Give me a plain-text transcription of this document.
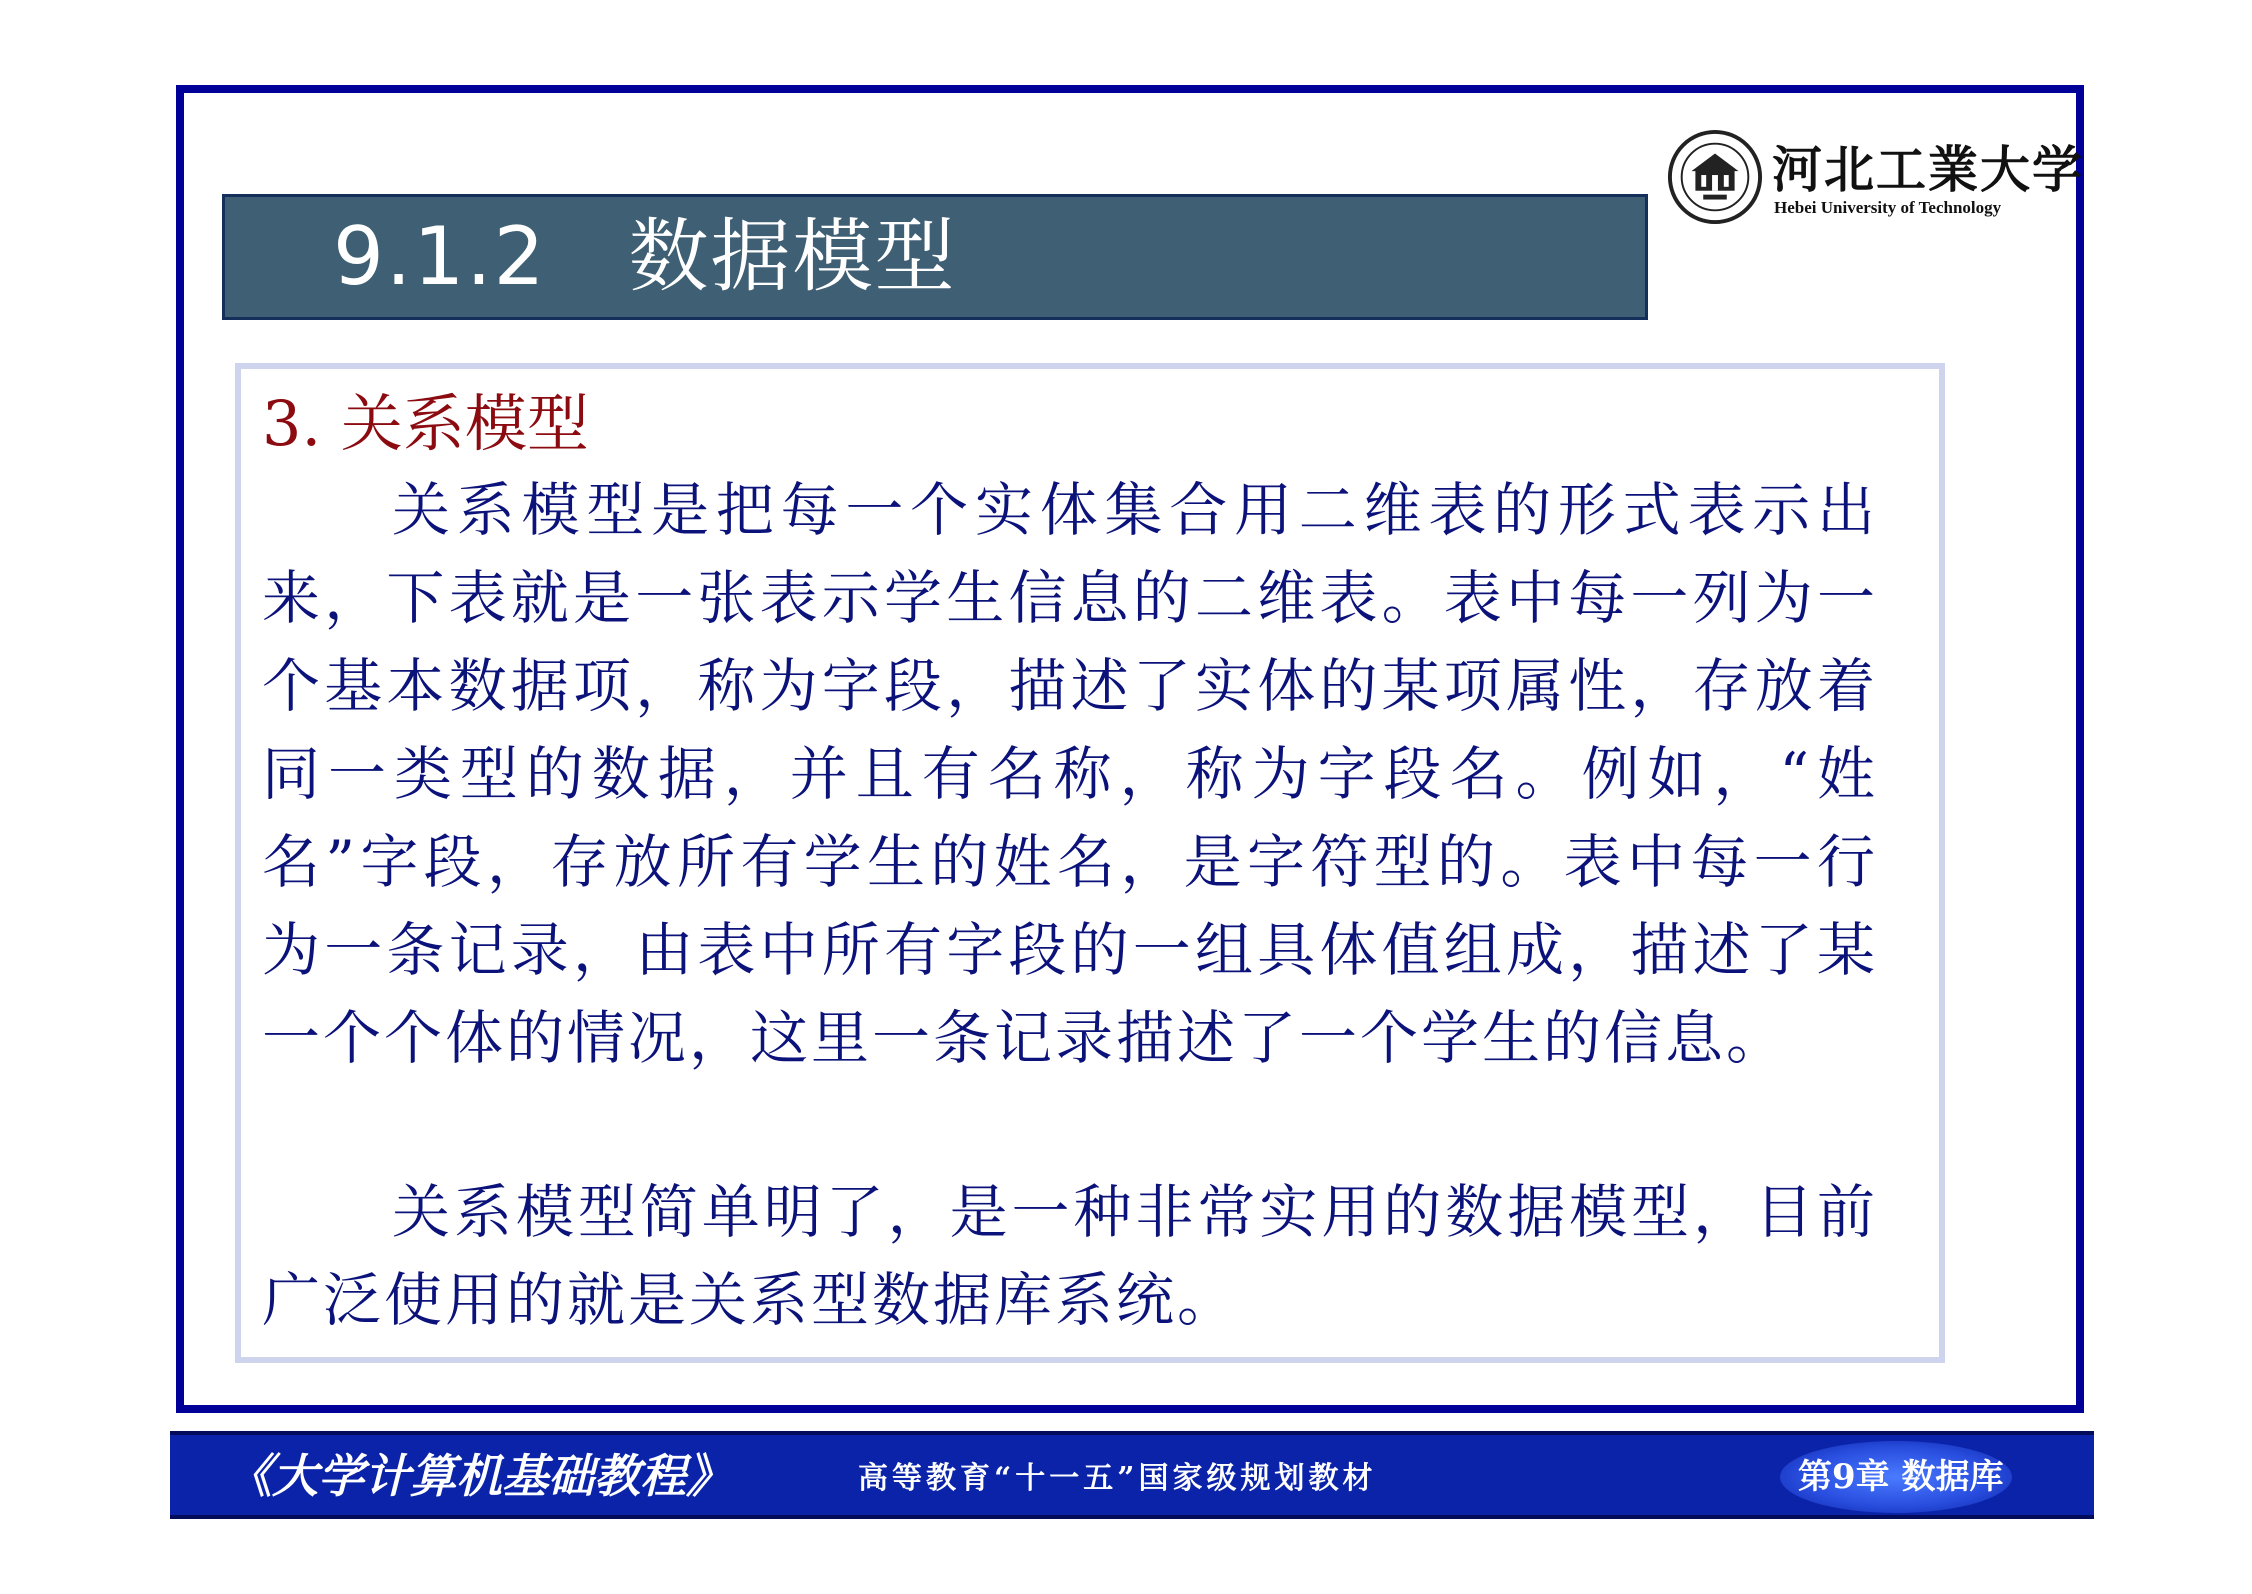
9.1.2　数据模型
河北工業大学
Hebei University of Technology
3. 关系模型

关系模型是把每一个实体集合用二维表的形式表示出来，下表就是一张表示学生信息的二维表。表中每一列为一个基本数据项，称为字段，描述了实体的某项属性，存放着同一类型的数据，并且有名称，称为字段名。例如，“姓名”字段，存放所有学生的姓名，是字符型的。表中每一行为一条记录，由表中所有字段的一组具体值组成，描述了某一个个体的情况，这里一条记录描述了一个学生的信息。

关系模型简单明了，是一种非常实用的数据模型，目前广泛使用的就是关系型数据库系统。

《大学计算机基础教程》	高等教育“十一五”国家级规划教材	第9章 数据库
